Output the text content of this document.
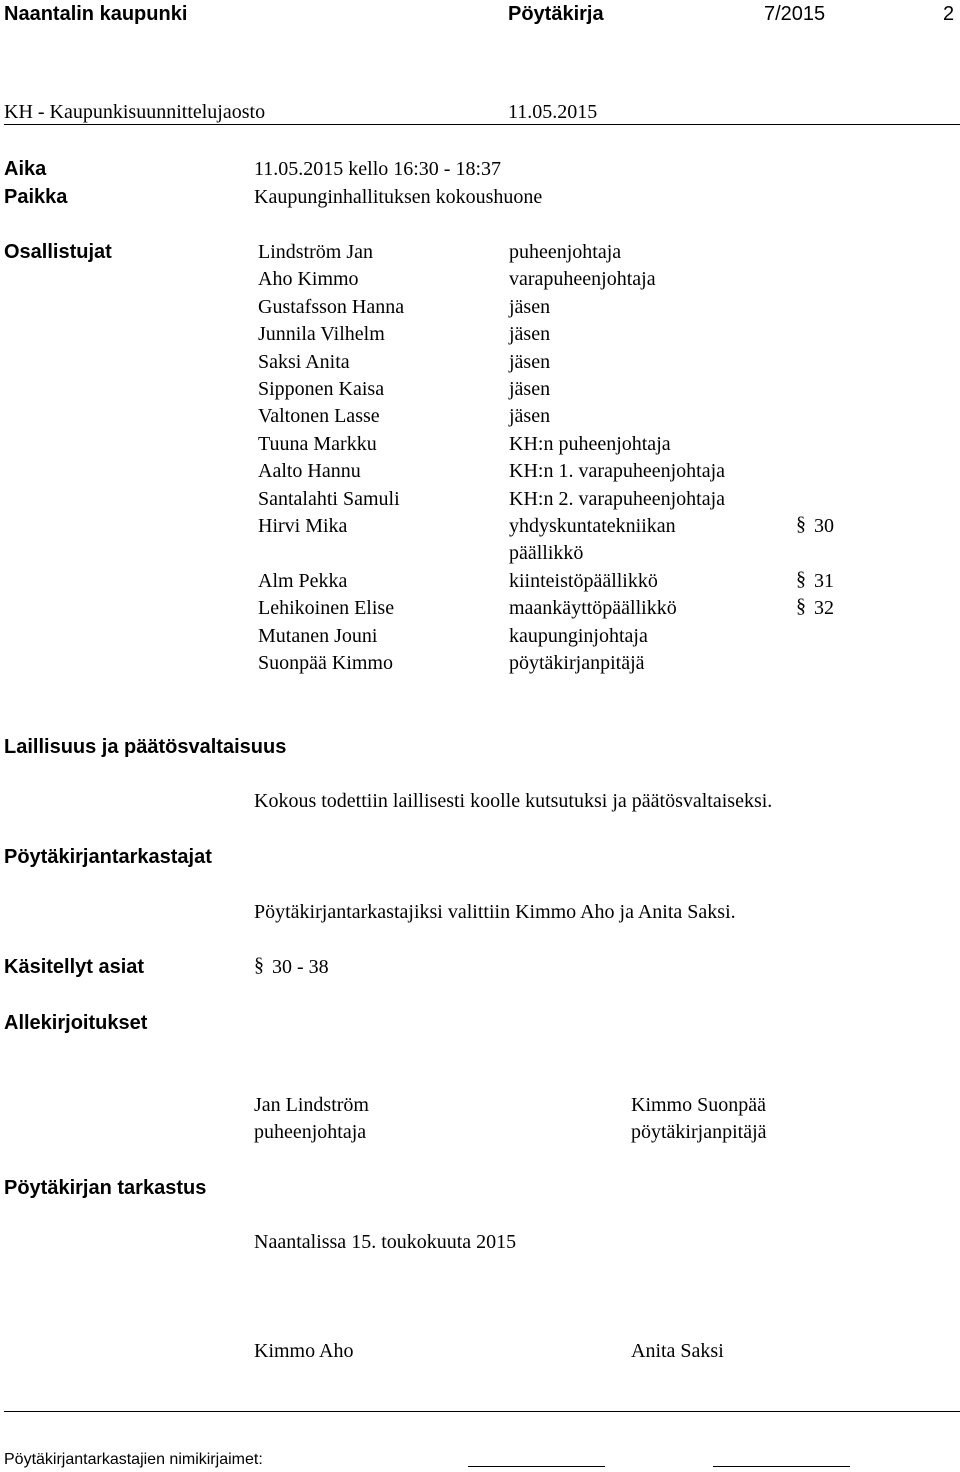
Naantalin kaupunki	Pöytäkirja	7/2015	2
KH - Kaupunkisuunnittelujaosto	11.05.2015
Aika	11.05.2015 kello 16:30 - 18:37
Paikka	Kaupunginhallituksen kokoushuone
Osallistujat	Lindström Jan	puheenjohtaja
Aho Kimmo	varapuheenjohtaja
Gustafsson Hanna	jäsen
Junnila Vilhelm	jäsen
Saksi Anita	jäsen
Sipponen Kaisa	jäsen
Valtonen Lasse	jäsen
Tuuna Markku	KH:n puheenjohtaja
Aalto Hannu	KH:n 1. varapuheenjohtaja
Santalahti Samuli	KH:n 2. varapuheenjohtaja
Hirvi Mika	yhdyskuntatekniikan	§ 30
päällikkö
Alm Pekka	kiinteistöpäällikkö	§ 31
Lehikoinen Elise	maankäyttöpäällikkö	§ 32
Mutanen Jouni	kaupunginjohtaja
Suonpää Kimmo	pöytäkirjanpitäjä
Laillisuus ja päätösvaltaisuus
Kokous todettiin laillisesti koolle kutsutuksi ja päätösvaltaiseksi.
Pöytäkirjantarkastajat
Pöytäkirjantarkastajiksi valittiin Kimmo Aho ja Anita Saksi.
Käsitellyt asiat	§ 30 - 38
Allekirjoitukset
Jan Lindström
puheenjohtaja
Kimmo Suonpää
pöytäkirjanpitäjä
Pöytäkirjan tarkastus
Naantalissa 15. toukokuuta 2015
Kimmo Aho	Anita Saksi
Pöytäkirjantarkastajien nimikirjaimet:
